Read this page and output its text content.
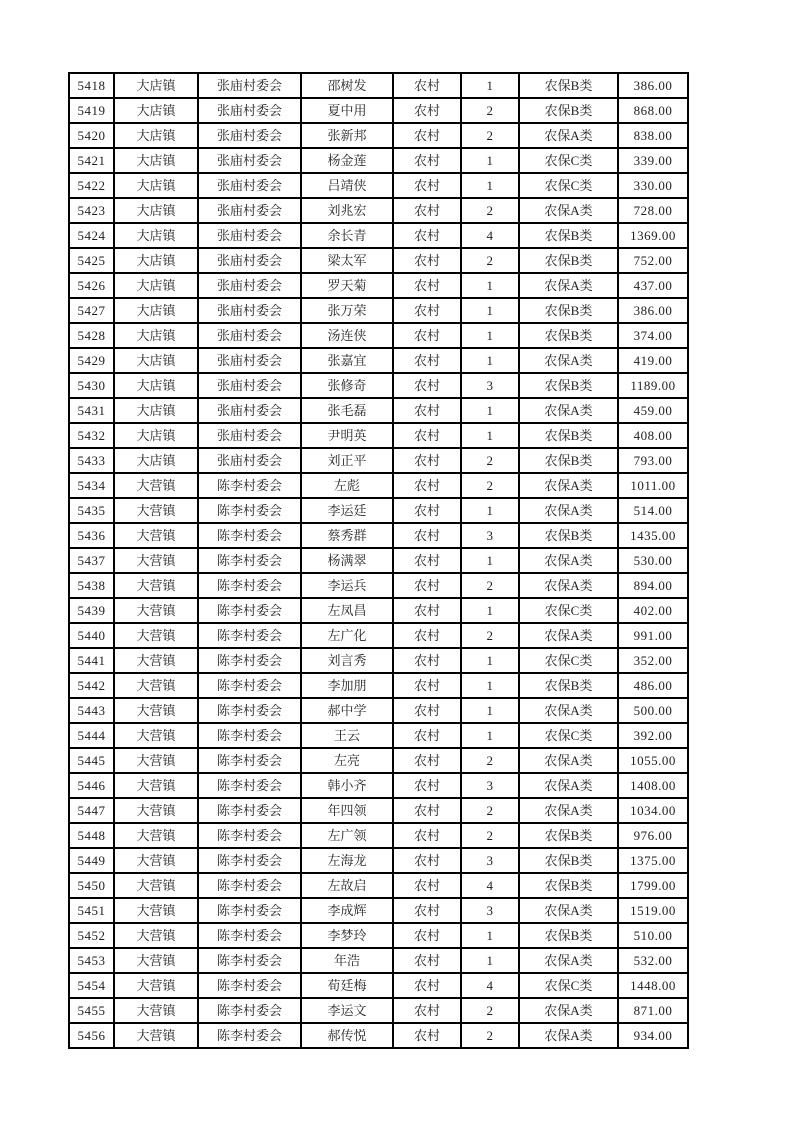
5418	大店镇	张庙村委会	邵树发	农村	1	农保B类	386.00
5419	大店镇	张庙村委会	夏中用	农村	2	农保B类	868.00
5420	大店镇	张庙村委会	张新邦	农村	2	农保A类	838.00
5421	大店镇	张庙村委会	杨金莲	农村	1	农保C类	339.00
5422	大店镇	张庙村委会	吕靖侠	农村	1	农保C类	330.00
5423	大店镇	张庙村委会	刘兆宏	农村	2	农保A类	728.00
5424	大店镇	张庙村委会	余长青	农村	4	农保B类	1369.00
5425	大店镇	张庙村委会	梁太军	农村	2	农保B类	752.00
5426	大店镇	张庙村委会	罗天菊	农村	1	农保A类	437.00
5427	大店镇	张庙村委会	张万荣	农村	1	农保B类	386.00
5428	大店镇	张庙村委会	汤连侠	农村	1	农保B类	374.00
5429	大店镇	张庙村委会	张嘉宜	农村	1	农保A类	419.00
5430	大店镇	张庙村委会	张修奇	农村	3	农保B类	1189.00
5431	大店镇	张庙村委会	张毛磊	农村	1	农保A类	459.00
5432	大店镇	张庙村委会	尹明英	农村	1	农保B类	408.00
5433	大店镇	张庙村委会	刘正平	农村	2	农保B类	793.00
5434	大营镇	陈李村委会	左彪	农村	2	农保A类	1011.00
5435	大营镇	陈李村委会	李运廷	农村	1	农保A类	514.00
5436	大营镇	陈李村委会	蔡秀群	农村	3	农保B类	1435.00
5437	大营镇	陈李村委会	杨满翠	农村	1	农保A类	530.00
5438	大营镇	陈李村委会	李运兵	农村	2	农保A类	894.00
5439	大营镇	陈李村委会	左凤昌	农村	1	农保C类	402.00
5440	大营镇	陈李村委会	左广化	农村	2	农保A类	991.00
5441	大营镇	陈李村委会	刘言秀	农村	1	农保C类	352.00
5442	大营镇	陈李村委会	李加朋	农村	1	农保B类	486.00
5443	大营镇	陈李村委会	郝中学	农村	1	农保A类	500.00
5444	大营镇	陈李村委会	王云	农村	1	农保C类	392.00
5445	大营镇	陈李村委会	左亮	农村	2	农保A类	1055.00
5446	大营镇	陈李村委会	韩小齐	农村	3	农保A类	1408.00
5447	大营镇	陈李村委会	年四领	农村	2	农保A类	1034.00
5448	大营镇	陈李村委会	左广领	农村	2	农保B类	976.00
5449	大营镇	陈李村委会	左海龙	农村	3	农保B类	1375.00
5450	大营镇	陈李村委会	左故启	农村	4	农保B类	1799.00
5451	大营镇	陈李村委会	李成辉	农村	3	农保A类	1519.00
5452	大营镇	陈李村委会	李梦玲	农村	1	农保B类	510.00
5453	大营镇	陈李村委会	年浩	农村	1	农保A类	532.00
5454	大营镇	陈李村委会	荀廷梅	农村	4	农保C类	1448.00
5455	大营镇	陈李村委会	李运文	农村	2	农保A类	871.00
5456	大营镇	陈李村委会	郝传悦	农村	2	农保A类	934.00
